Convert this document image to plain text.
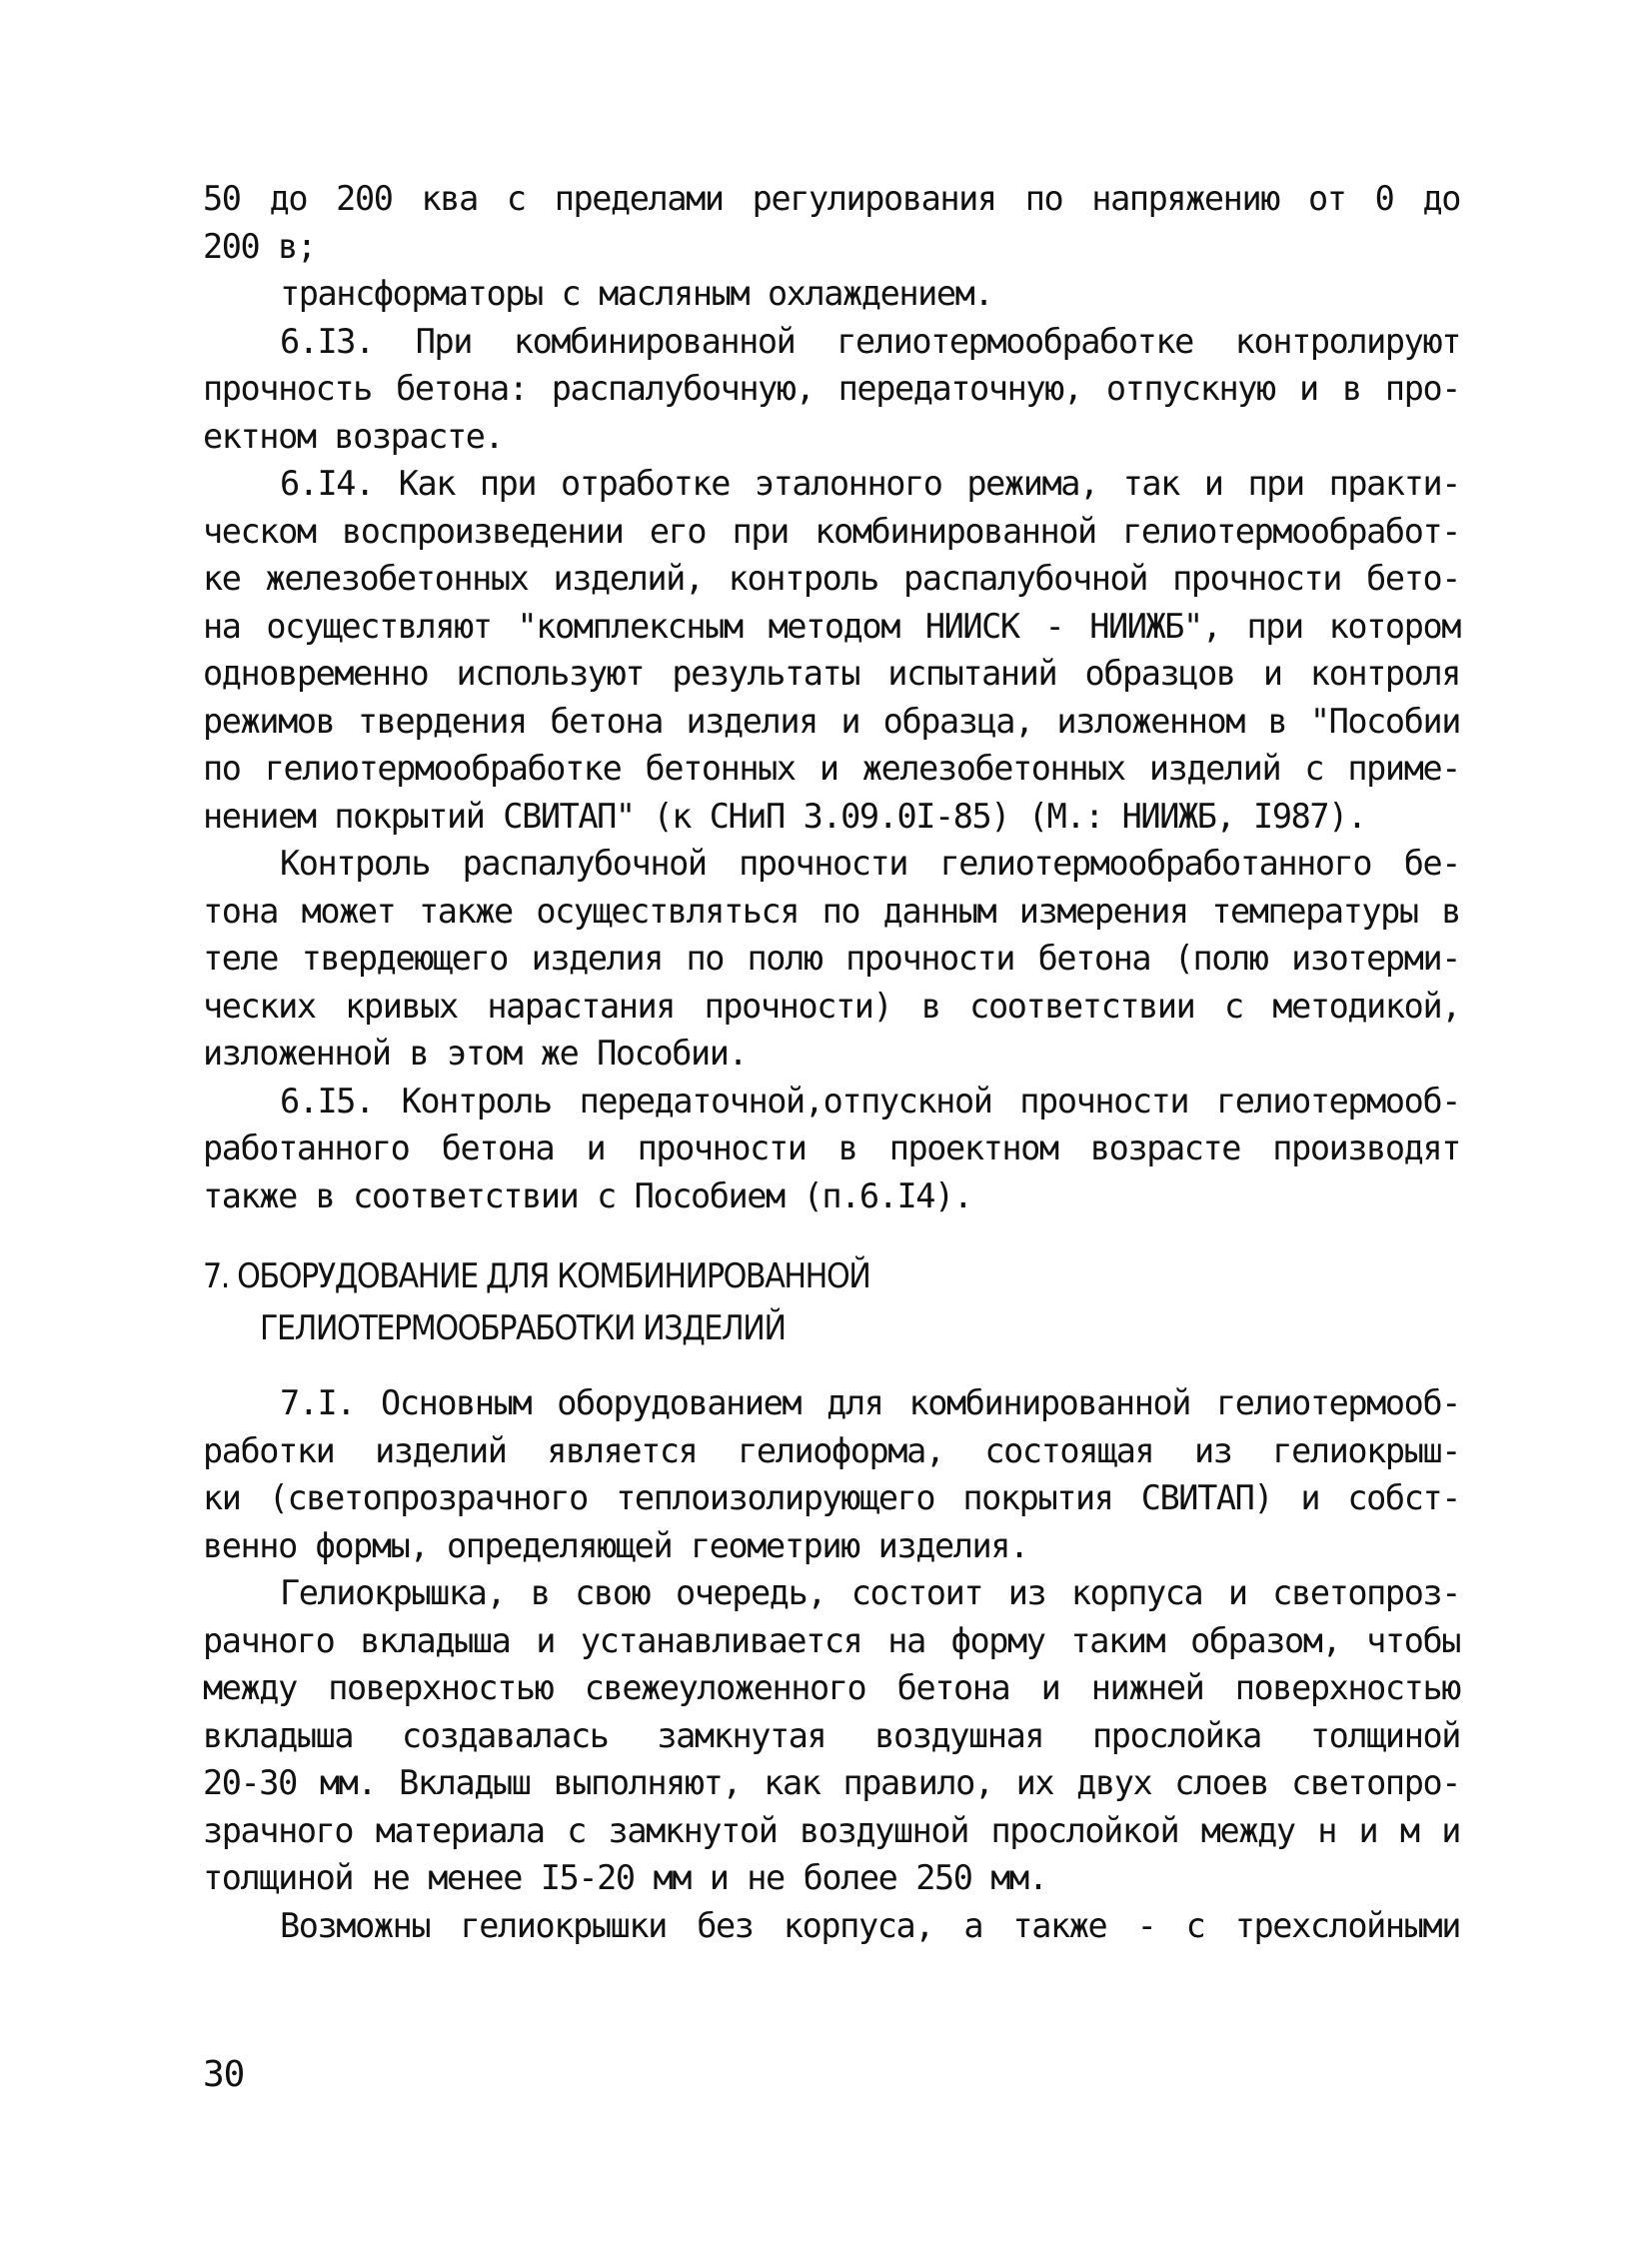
50 до 200 ква с пределами регулирования по напряжению от 0 до
200 в;
трансформаторы с масляным охлаждением.
6.I3. При комбинированной гелиотермообработке контролируют
прочность бетона: распалубочную, передаточную, отпускную и в про-
ектном возрасте.
6.I4. Как при отработке эталонного режима, так и при практи-
ческом воспроизведении его при комбинированной гелиотермообработ-
ке железобетонных изделий, контроль распалубочной прочности бето-
на осуществляют "комплексным методом НИИСК - НИИЖБ", при котором
одновременно используют результаты испытаний образцов и контроля
режимов твердения бетона изделия и образца, изложенном в "Пособии
по гелиотермообработке бетонных и железобетонных изделий с приме-
нением покрытий СВИТАП" (к СНиП 3.09.0I-85) (М.: НИИЖБ, I987).
Контроль распалубочной прочности гелиотермообработанного бе-
тона может также осуществляться по данным измерения температуры в
теле твердеющего изделия по полю прочности бетона (полю изотерми-
ческих кривых нарастания прочности) в соответствии с методикой,
изложенной в этом же Пособии.
6.I5. Контроль передаточной,отпускной прочности гелиотермооб-
работанного бетона и прочности в проектном возрасте производят
также в соответствии с Пособием (п.6.I4).
7. ОБОРУДОВАНИЕ ДЛЯ КОМБИНИРОВАННОЙ
ГЕЛИОТЕРМООБРАБОТКИ ИЗДЕЛИЙ
7.I. Основным оборудованием для комбинированной гелиотермооб-
работки изделий является гелиоформа, состоящая из гелиокрыш-
ки (светопрозрачного теплоизолирующего покрытия СВИТАП) и собст-
венно формы, определяющей геометрию изделия.
Гелиокрышка, в свою очередь, состоит из корпуса и светопроз-
рачного вкладыша и устанавливается на форму таким образом, чтобы
между поверхностью свежеуложенного бетона и нижней поверхностью
вкладыша создавалась замкнутая воздушная прослойка толщиной
20-30 мм. Вкладыш выполняют, как правило, их двух слоев светопро-
зрачного материала с замкнутой воздушной прослойкой между н и м и
толщиной не менее I5-20 мм и не более 250 мм.
Возможны гелиокрышки без корпуса, а также - с трехслойными
30
